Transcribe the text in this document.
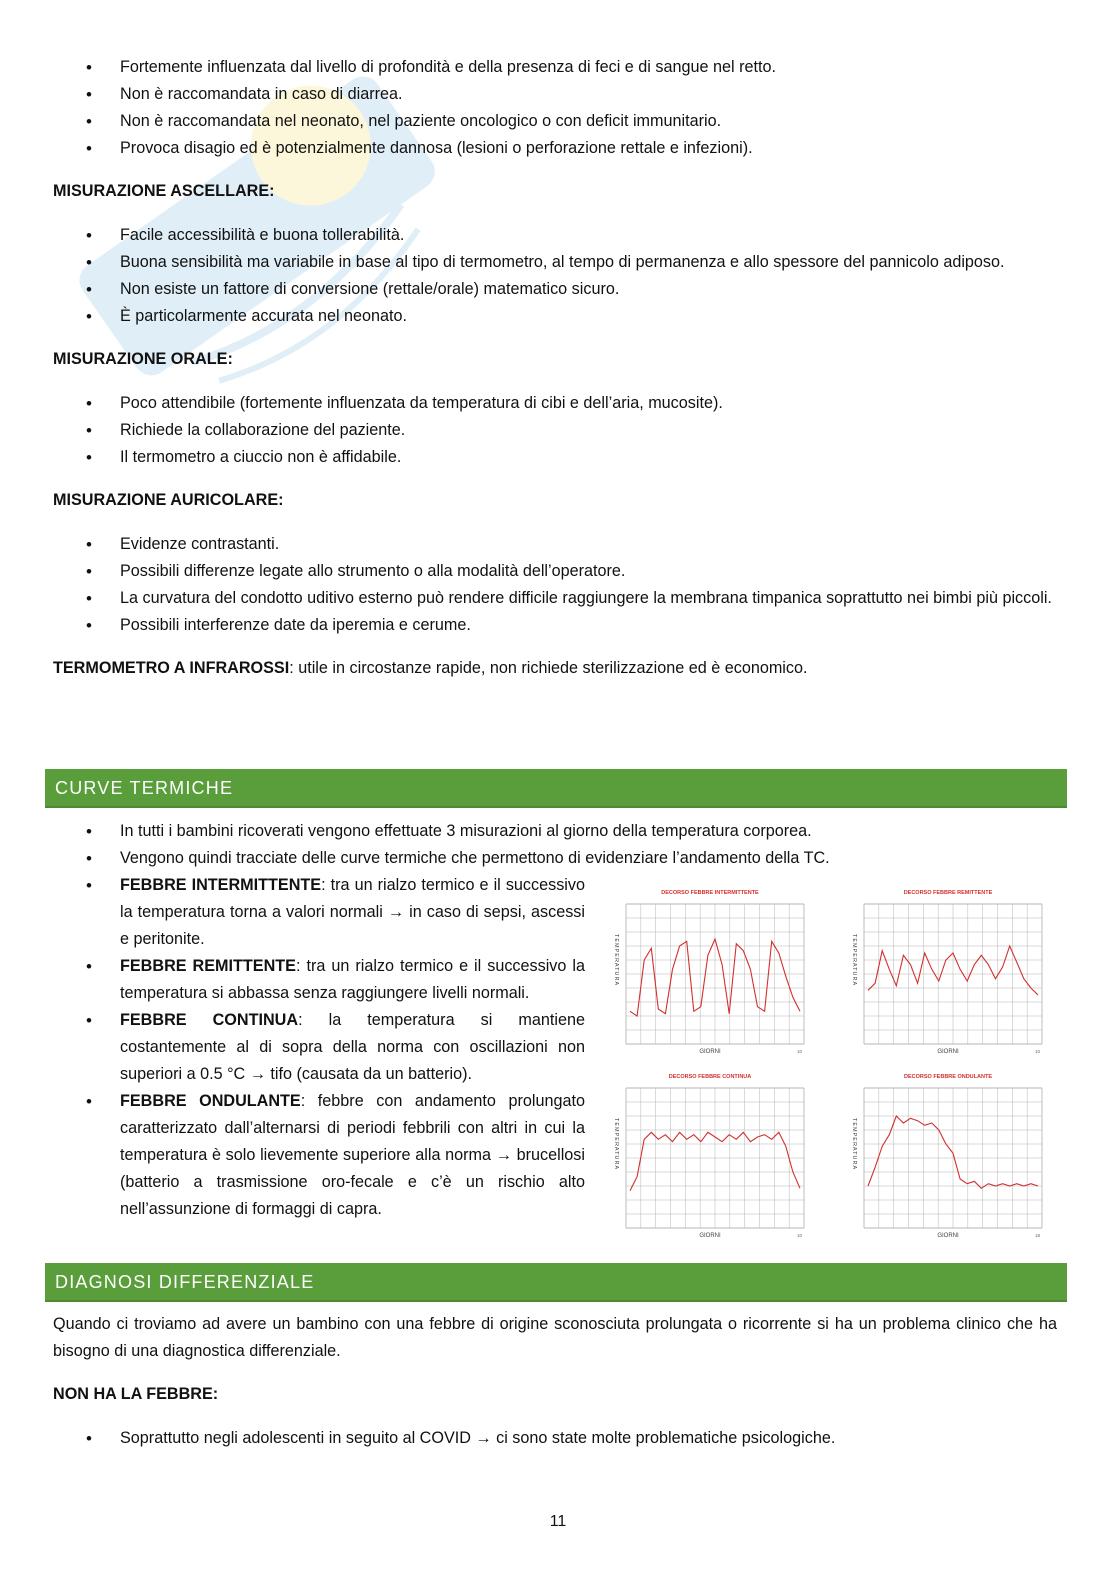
• Fortemente influenzata dal livello di profondità e della presenza di feci e di sangue nel retto.
• Non è raccomandata in caso di diarrea.
• Non è raccomandata nel neonato, nel paziente oncologico o con deficit immunitario.
• Provoca disagio ed è potenzialmente dannosa (lesioni o perforazione rettale e infezioni).
MISURAZIONE ASCELLARE:
• Facile accessibilità e buona tollerabilità.
• Buona sensibilità ma variabile in base al tipo di termometro, al tempo di permanenza e allo spessore del pannicolo adiposo.
• Non esiste un fattore di conversione (rettale/orale) matematico sicuro.
• È particolarmente accurata nel neonato.
MISURAZIONE ORALE:
• Poco attendibile (fortemente influenzata da temperatura di cibi e dell’aria, mucosite).
• Richiede la collaborazione del paziente.
• Il termometro a ciuccio non è affidabile.
MISURAZIONE AURICOLARE:
• Evidenze contrastanti.
• Possibili differenze legate allo strumento o alla modalità dell’operatore.
• La curvatura del condotto uditivo esterno può rendere difficile raggiungere la membrana timpanica soprattutto nei bimbi più piccoli.
• Possibili interferenze date da iperemia e cerume.
TERMOMETRO A INFRAROSSI: utile in circostanze rapide, non richiede sterilizzazione ed è economico.
CURVE TERMICHE
• In tutti i bambini ricoverati vengono effettuate 3 misurazioni al giorno della temperatura corporea.
• Vengono quindi tracciate delle curve termiche che permettono di evidenziare l’andamento della TC.
• FEBBRE INTERMITTENTE: tra un rialzo termico e il successivo la temperatura torna a valori normali → in caso di sepsi, ascessi e peritonite.
• FEBBRE REMITTENTE: tra un rialzo termico e il successivo la temperatura si abbassa senza raggiungere livelli normali.
• FEBBRE CONTINUA: la temperatura si mantiene costantemente al di sopra della norma con oscillazioni non superiori a 0.5 °C → tifo (causata da un batterio).
• FEBBRE ONDULANTE: febbre con andamento prolungato caratterizzato dall’alternarsi di periodi febbrili con altri in cui la temperatura è solo lievemente superiore alla norma → brucellosi (batterio a trasmissione oro-fecale e c’è un rischio alto nell’assunzione di formaggi di capra.
DECORSO FEBBRE INTERMITTENTE
TEMPERATURA
GIORNI	10
DECORSO FEBBRE REMITTENTE
TEMPERATURA
GIORNI	10
DECORSO FEBBRE CONTINUA
TEMPERATURA
GIORNI	10
DECORSO FEBBRE ONDULANTE
TEMPERATURA
GIORNI	18
DIAGNOSI DIFFERENZIALE
Quando ci troviamo ad avere un bambino con una febbre di origine sconosciuta prolungata o ricorrente si ha un problema clinico che ha bisogno di una diagnostica differenziale.
NON HA LA FEBBRE:
• Soprattutto negli adolescenti in seguito al COVID → ci sono state molte problematiche psicologiche.
11
